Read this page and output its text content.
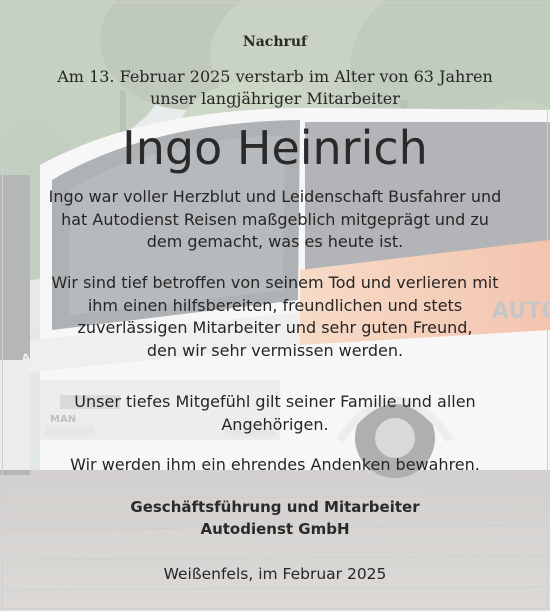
Nachruf
Am 13. Februar 2025 verstarb im Alter von 63 Jahren
unser langjähriger Mitarbeiter
Ingo Heinrich
Ingo war voller Herzblut und Leidenschaft Busfahrer und
hat Autodienst Reisen maßgeblich mitgeprägt und zu
dem gemacht, was es heute ist.
Wir sind tief betroffen von seinem Tod und verlieren mit
ihm einen hilfsbereiten, freundlichen und stets
zuverlässigen Mitarbeiter und sehr guten Freund,
den wir sehr vermissen werden.
Unser tiefes Mitgefühl gilt seiner Familie und allen
Angehörigen.
Wir werden ihm ein ehrendes Andenken bewahren.
Geschäftsführung und Mitarbeiter
Autodienst GmbH
Weißenfels, im Februar 2025
